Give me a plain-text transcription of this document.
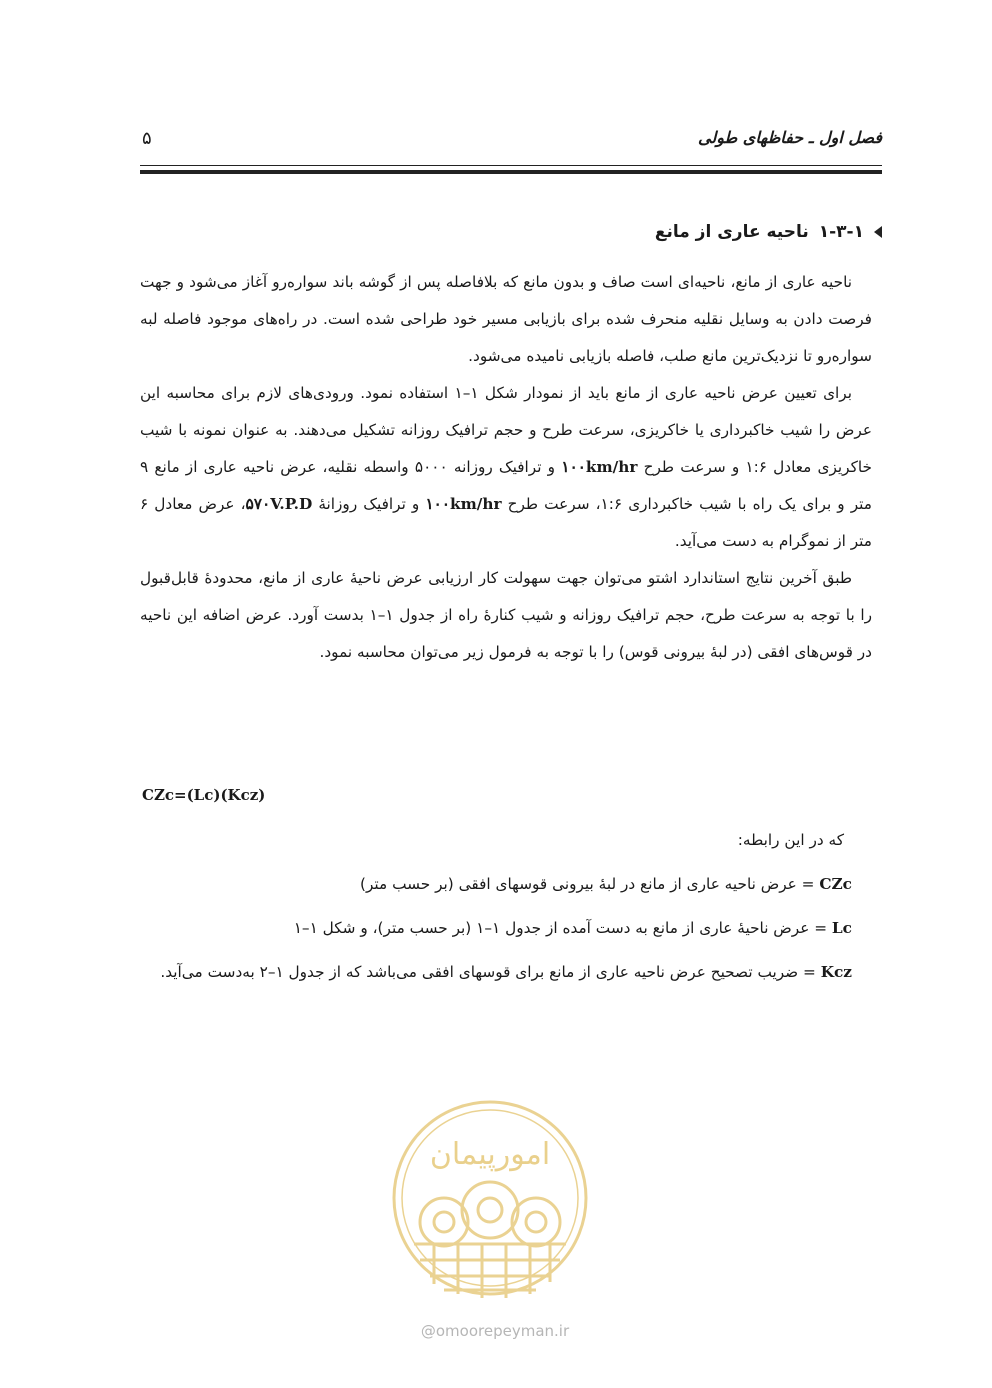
فصل اول ـ حفاظهای طولی
۵
۱-۳-۱
ناحیه عاری از مانع

ناحیه عاری از مانع، ناحیه‌ای است صاف و بدون مانع که بلافاصله پس از گوشه باند سواره‌رو آغاز می‌شود و جهت فرصت دادن به وسایل نقلیه منحرف شده برای بازیابی مسیر خود طراحی شده است. در راه‌های موجود فاصله لبه سواره‌رو تا نزدیک‌ترین مانع صلب، فاصله بازیابی نامیده می‌شود.

برای تعیین عرض ناحیه عاری از مانع باید از نمودار شکل ۱–۱ استفاده نمود. ورودی‌های لازم برای محاسبه این عرض را شیب خاکبرداری یا خاکریزی، سرعت طرح و حجم ترافیک روزانه تشکیل می‌دهند. به عنوان نمونه با شیب خاکریزی معادل ۱:۶ و سرعت طرح ۱۰۰km/hr و ترافیک روزانه ۵۰۰۰ واسطه نقلیه، عرض ناحیه عاری از مانع ۹ متر و برای یک راه با شیب خاکبرداری ۱:۶، سرعت طرح ۱۰۰km/hr و ترافیک روزانهٔ ۵۷۰V.P.D، عرض معادل ۶ متر از نموگرام به دست می‌آید.

طبق آخرین نتایج استاندارد اشتو می‌توان جهت سهولت کار ارزیابی عرض ناحیهٔ عاری از مانع، محدودهٔ قابل‌قبول را با توجه به سرعت طرح، حجم ترافیک روزانه و شیب کنارهٔ راه از جدول ۱–۱ بدست آورد. عرض اضافه این ناحیه در قوس‌های افقی (در لبهٔ بیرونی قوس) را با توجه به فرمول زیر می‌توان محاسبه نمود.

CZc=(Lc)(Kcz)

که در این رابطه:

CZc = عرض ناحیه عاری از مانع در لبهٔ بیرونی قوسهای افقی (بر حسب متر)

Lc = عرض ناحیهٔ عاری از مانع به دست آمده از جدول ۱–۱ (بر حسب متر)، و شکل ۱–۱

Kcz = ضریب تصحیح عرض ناحیه عاری از مانع برای قوسهای افقی می‌باشد که از جدول ۱–۲ به‌دست می‌آید.

امورپیمان
@omoorepeyman.ir
